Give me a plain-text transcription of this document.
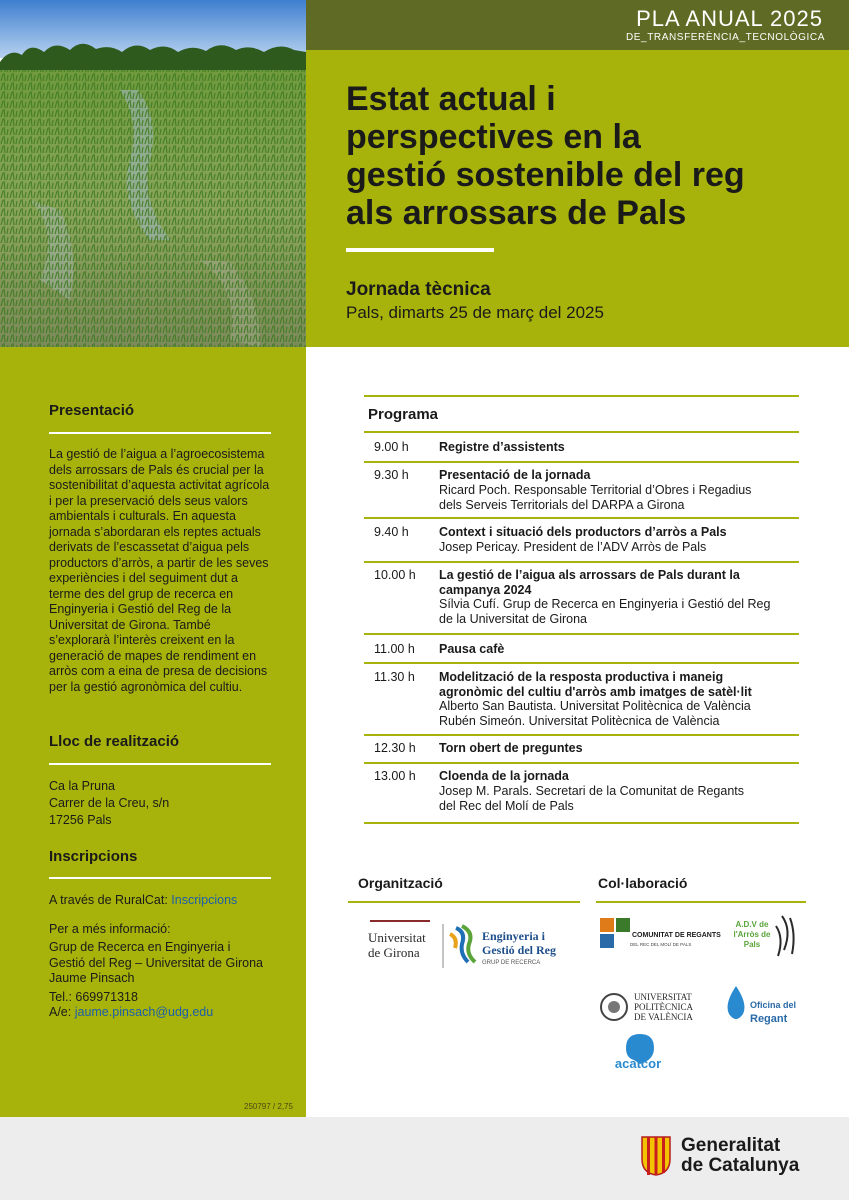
PLA ANUAL 2025
DE_TRANSFERÈNCIA_TECNOLÒGICA
Estat actual i
perspectives en la
gestió sostenible del reg
als arrossars de Pals
Jornada tècnica
Pals, dimarts 25 de març del 2025
Presentació
La gestió de l’aigua a l’agroecosistema dels arrossars de Pals és crucial per la sostenibilitat d’aquesta activitat agrícola i per la preservació dels seus valors ambientals i culturals. En aquesta jornada s’abordaran els reptes actuals derivats de l’escassetat d’aigua pels productors d’arròs, a partir de les seves experiències i del seguiment dut a terme des del grup de recerca en Enginyeria i Gestió del Reg de la Universitat de Girona. També s’explorarà l’interès creixent en la generació de mapes de rendiment en arròs com a eina de presa de decisions per la gestió agronòmica del cultiu.
Lloc de realització
Ca la Pruna
Carrer de la Creu, s/n
17256 Pals
Inscripcions
A través de RuralCat: Inscripcions
Per a més informació:
Grup de Recerca en Enginyeria i
Gestió del Reg – Universitat de Girona
Jaume Pinsach
Tel.: 669971318
A/e: jaume.pinsach@udg.edu
250797 / 2,75
Programa
9.00 h Registre d’assistents
9.30 h Presentació de la jornada
Ricard Poch. Responsable Territorial d’Obres i Regadius
dels Serveis Territorials del DARPA a Girona
9.40 h Context i situació dels productors d’arròs a Pals
Josep Pericay. President de l’ADV Arròs de Pals
10.00 h La gestió de l’aigua als arrossars de Pals durant la campanya 2024
Sílvia Cufí. Grup de Recerca en Enginyeria i Gestió del Reg
de la Universitat de Girona
11.00 h Pausa cafè
11.30 h Modelització de la resposta productiva i maneig agronòmic del cultiu d'arròs amb imatges de satèl·lit
Alberto San Bautista. Universitat Politècnica de València
Rubén Simeón. Universitat Politècnica de València
12.30 h Torn obert de preguntes
13.00 h Cloenda de la jornada
Josep M. Parals. Secretari de la Comunitat de Regants
del Rec del Molí de Pals
Organització
Universitat
de Girona
Enginyeria i
Gestió del Reg
GRUP DE RECERCA
Col·laboració
COMUNITAT DE REGANTS
DEL REC DEL MOLÍ DE PALS
A.D.V de
l'Arròs de
Pals
UNIVERSITAT
POLITÈCNICA
DE VALÈNCIA
Oficina del
Regant
acatcor
Generalitat
de Catalunya
